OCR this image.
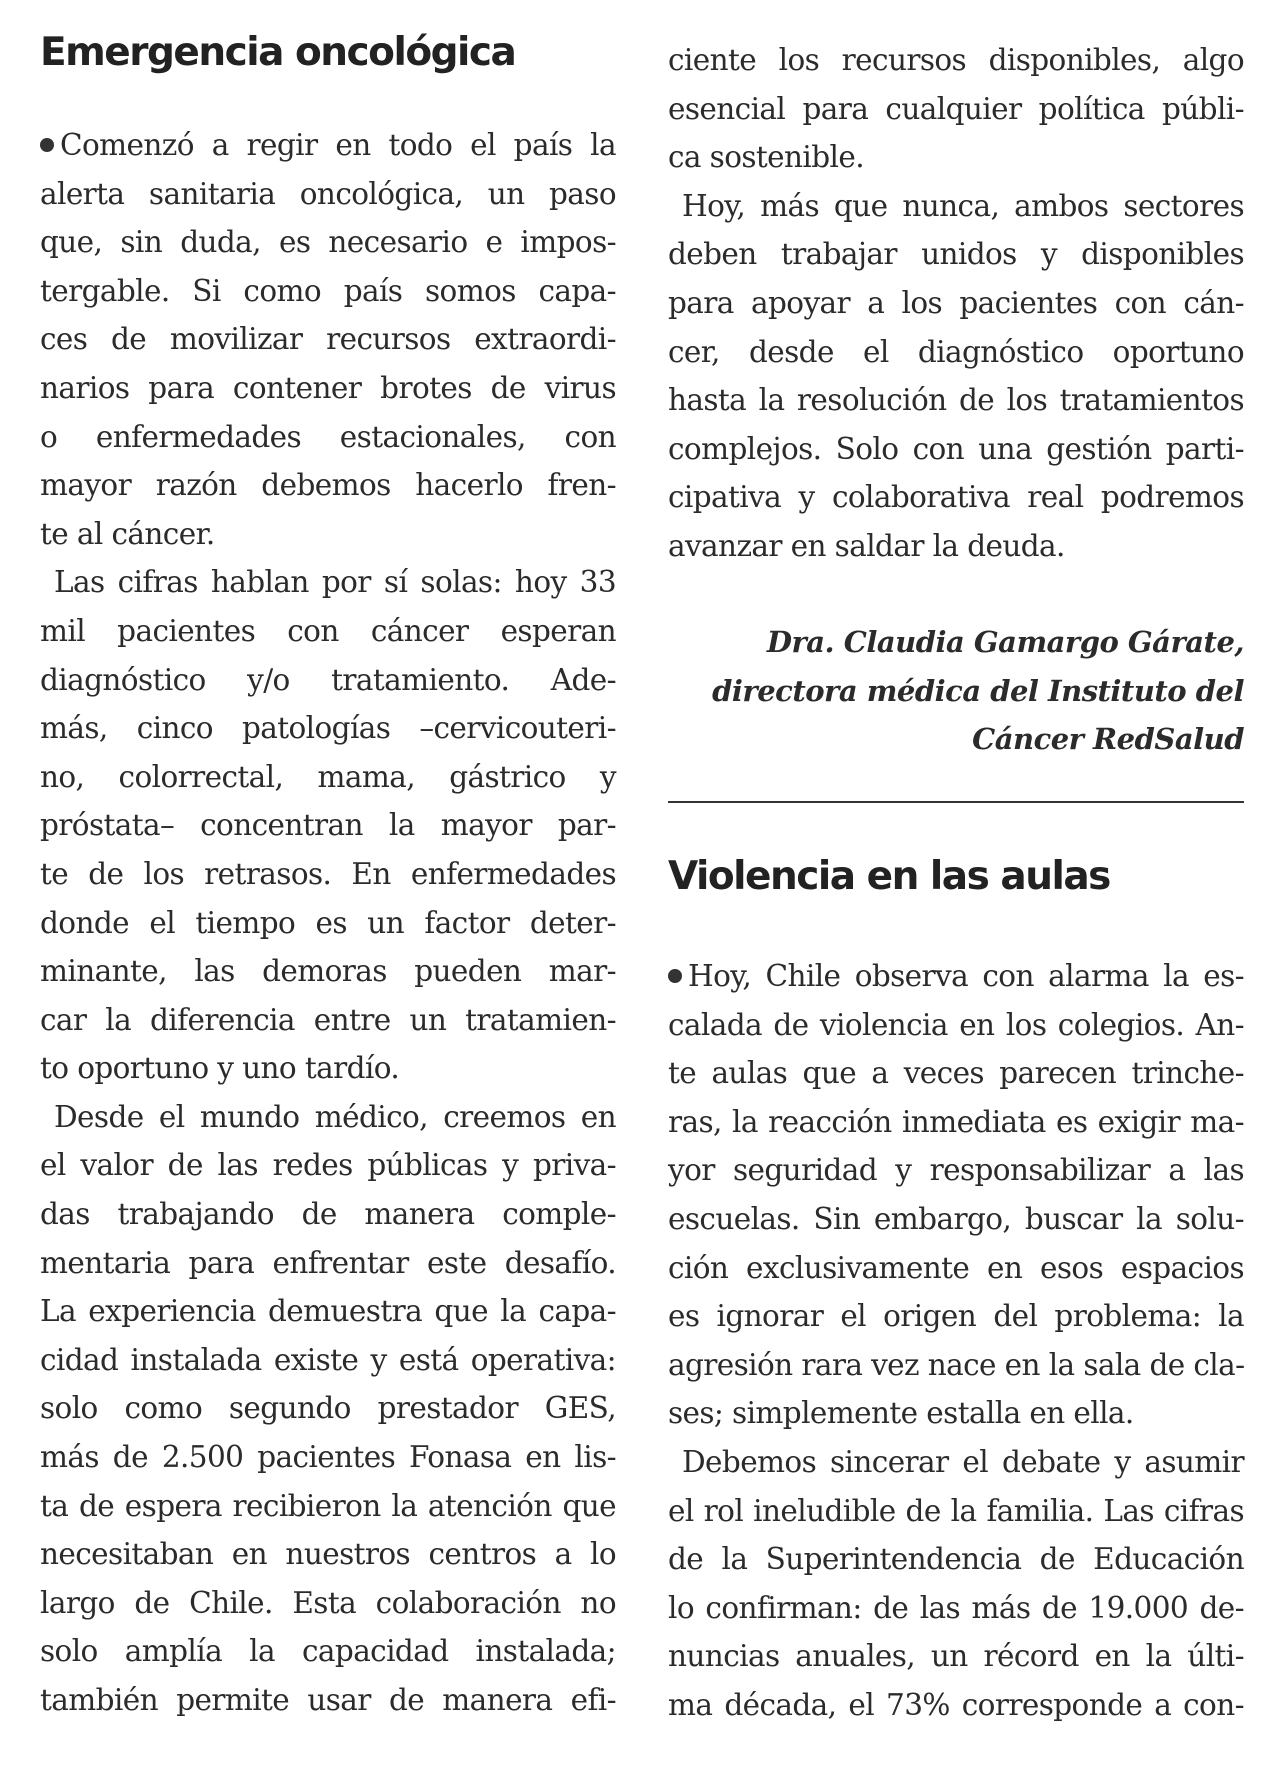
Emergencia oncológica
Comenzó a regir en todo el país la
alerta sanitaria oncológica, un paso
que, sin duda, es necesario e impos-
tergable. Si como país somos capa-
ces de movilizar recursos extraordi-
narios para contener brotes de virus
o enfermedades estacionales, con
mayor razón debemos hacerlo fren-
te al cáncer.
Las cifras hablan por sí solas: hoy 33
mil pacientes con cáncer esperan
diagnóstico y/o tratamiento. Ade-
más, cinco patologías –cervicouteri-
no, colorrectal, mama, gástrico y
próstata– concentran la mayor par-
te de los retrasos. En enfermedades
donde el tiempo es un factor deter-
minante, las demoras pueden mar-
car la diferencia entre un tratamien-
to oportuno y uno tardío.
Desde el mundo médico, creemos en
el valor de las redes públicas y priva-
das trabajando de manera comple-
mentaria para enfrentar este desafío.
La experiencia demuestra que la capa-
cidad instalada existe y está operativa:
solo como segundo prestador GES,
más de 2.500 pacientes Fonasa en lis-
ta de espera recibieron la atención que
necesitaban en nuestros centros a lo
largo de Chile. Esta colaboración no
solo amplía la capacidad instalada;
también permite usar de manera efi-
ciente los recursos disponibles, algo
esencial para cualquier política públi-
ca sostenible.
Hoy, más que nunca, ambos sectores
deben trabajar unidos y disponibles
para apoyar a los pacientes con cán-
cer, desde el diagnóstico oportuno
hasta la resolución de los tratamientos
complejos. Solo con una gestión parti-
cipativa y colaborativa real podremos
avanzar en saldar la deuda.
Dra. Claudia Gamargo Gárate,
directora médica del Instituto del
Cáncer RedSalud
Violencia en las aulas
Hoy, Chile observa con alarma la es-
calada de violencia en los colegios. An-
te aulas que a veces parecen trinche-
ras, la reacción inmediata es exigir ma-
yor seguridad y responsabilizar a las
escuelas. Sin embargo, buscar la solu-
ción exclusivamente en esos espacios
es ignorar el origen del problema: la
agresión rara vez nace en la sala de cla-
ses; simplemente estalla en ella.
Debemos sincerar el debate y asumir
el rol ineludible de la familia. Las cifras
de la Superintendencia de Educación
lo confirman: de las más de 19.000 de-
nuncias anuales, un récord en la últi-
ma década, el 73% corresponde a con-
